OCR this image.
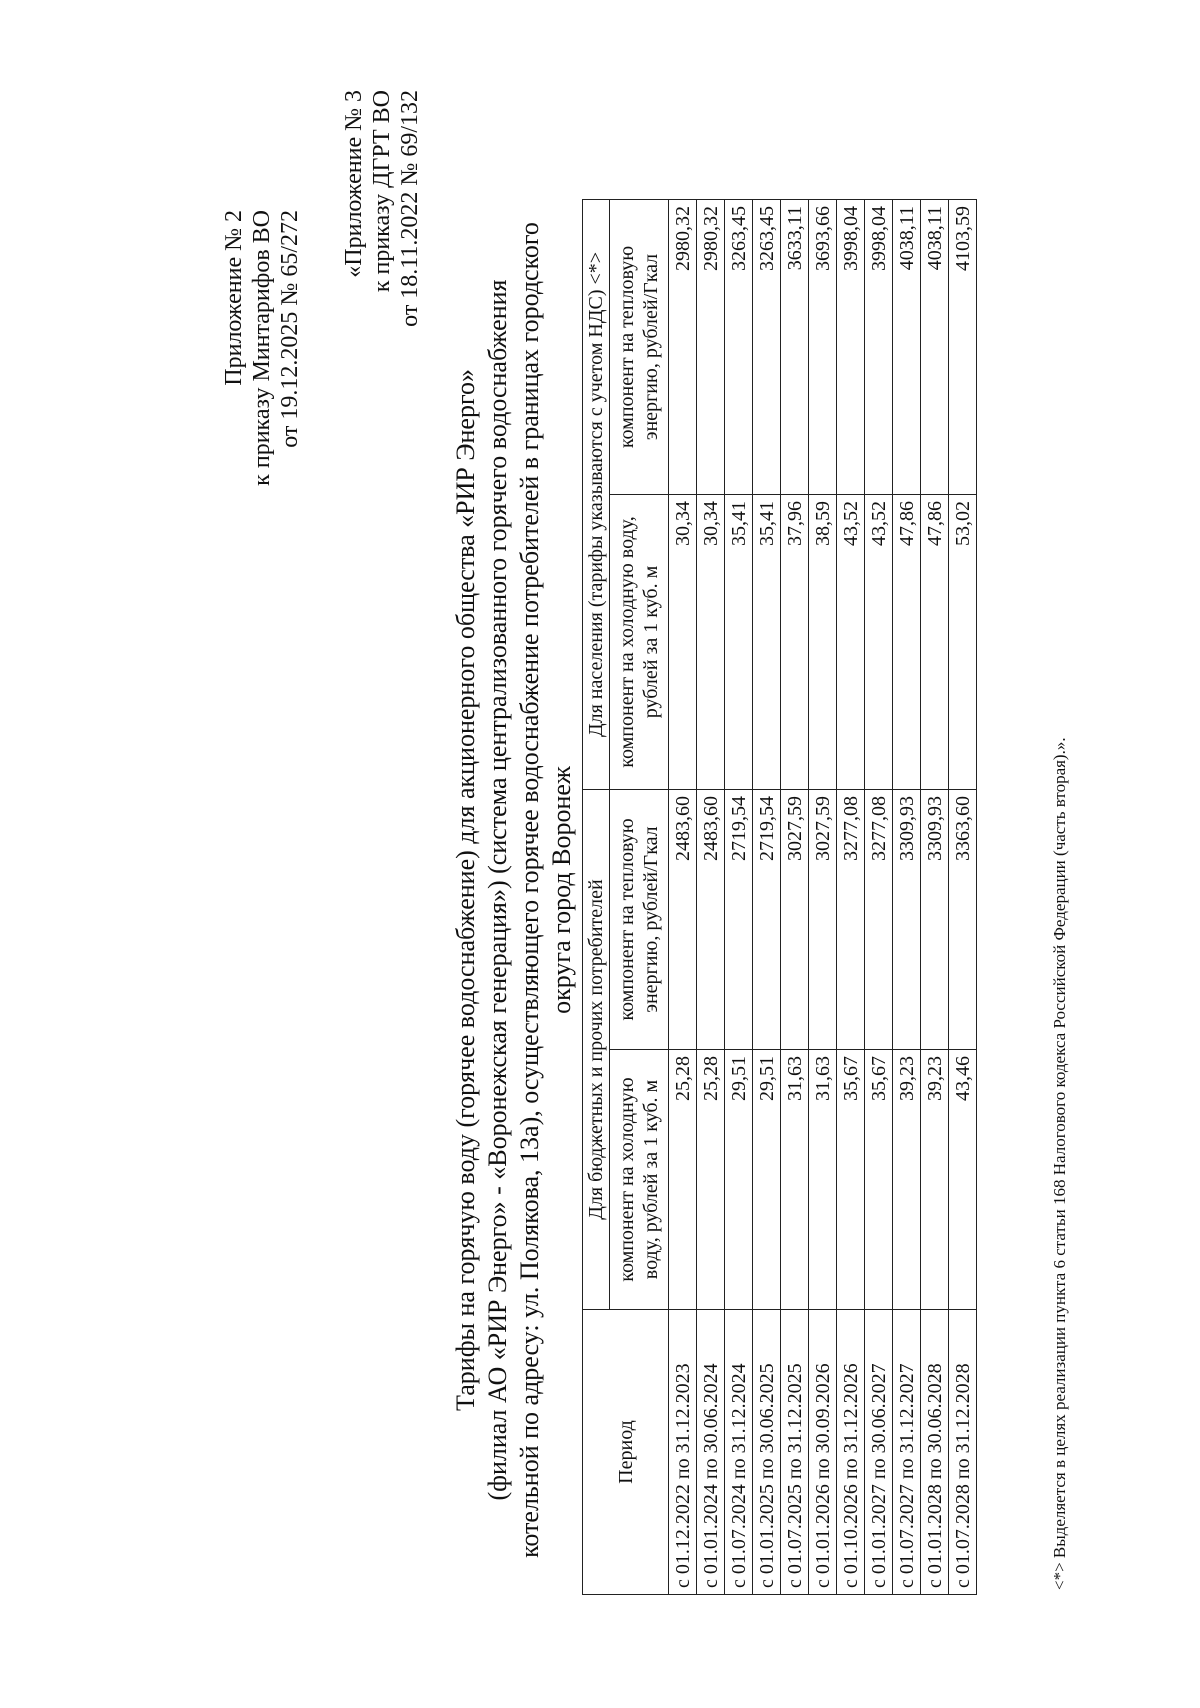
Приложение № 2 к приказу Минтарифов ВО от 19.12.2025 № 65/272
«Приложение № 3 к приказу ДГРТ ВО от 18.11.2022 № 69/132
Тарифы на горячую воду (горячее водоснабжение) для акционерного общества «РИР Энерго» (филиал АО «РИР Энерго» - «Воронежская генерация») (система централизованного горячего водоснабжения котельной по адресу: ул. Полякова, 13а), осуществляющего горячее водоснабжение потребителей в границах городского округа город Воронеж
Период	Для бюджетных и прочих потребителей		Для населения (тарифы указываются с учетом НДС) <*>	
	компонент на холодную воду, рублей за 1 куб. м	компонент на тепловую энергию, рублей/Гкал	компонент на холодную воду, рублей за 1 куб. м	компонент на тепловую энергию, рублей/Гкал
с 01.12.2022 по 31.12.2023	25,28	2483,60	30,34	2980,32
с 01.01.2024 по 30.06.2024	25,28	2483,60	30,34	2980,32
с 01.07.2024 по 31.12.2024	29,51	2719,54	35,41	3263,45
с 01.01.2025 по 30.06.2025	29,51	2719,54	35,41	3263,45
с 01.07.2025 по 31.12.2025	31,63	3027,59	37,96	3633,11
с 01.01.2026 по 30.09.2026	31,63	3027,59	38,59	3693,66
с 01.10.2026 по 31.12.2026	35,67	3277,08	43,52	3998,04
с 01.01.2027 по 30.06.2027	35,67	3277,08	43,52	3998,04
с 01.07.2027 по 31.12.2027	39,23	3309,93	47,86	4038,11
с 01.01.2028 по 30.06.2028	39,23	3309,93	47,86	4038,11
с 01.07.2028 по 31.12.2028	43,46	3363,60	53,02	4103,59
<*> Выделяется в целях реализации пункта 6 статьи 168 Налогового кодекса Российской Федерации (часть вторая).».
